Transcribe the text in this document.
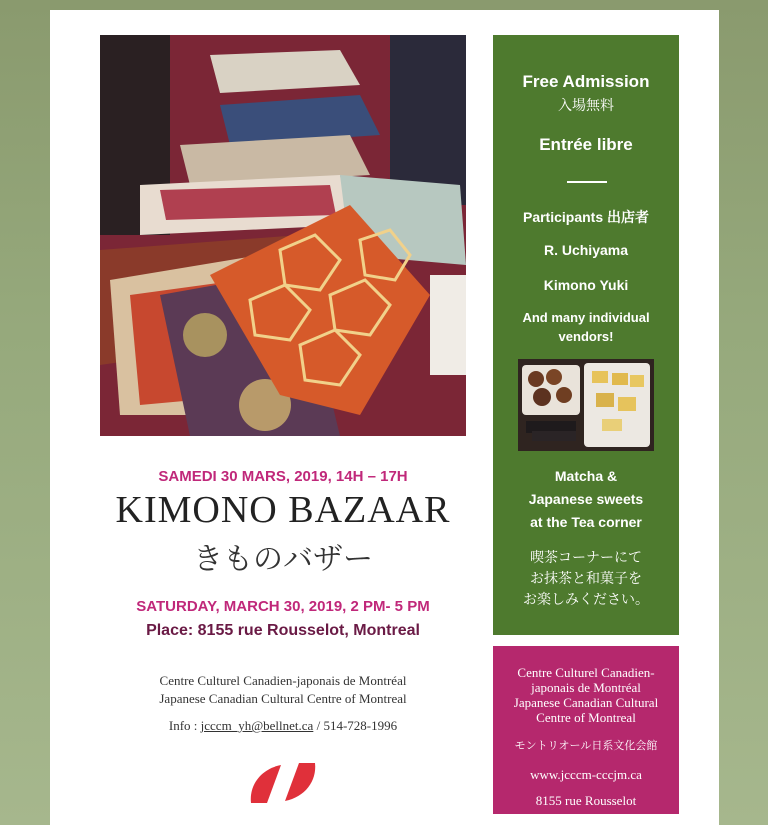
Free Admission
入場無料
Entrée libre
Participants 出店者
R. Uchiyama
Kimono Yuki
And many individual
vendors!
Matcha &
Japanese sweets
at the Tea corner
喫茶コーナーにて
お抹茶と和菓子を
お楽しみください。
Centre Culturel Canadien-
japonais de Montréal
Japanese Canadian Cultural
Centre of Montreal
モントリオール日系文化会館
www.jcccm-cccjm.ca
8155 rue Rousselot
SAMEDI 30 MARS, 2019, 14H – 17H
KIMONO BAZAAR
きものバザー
SATURDAY, MARCH 30, 2019, 2 PM- 5 PM
Place: 8155 rue Rousselot, Montreal
Centre Culturel Canadien-japonais de Montréal
Japanese Canadian Cultural Centre of Montreal
Info : jcccm_yh@bellnet.ca / 514-728-1996
